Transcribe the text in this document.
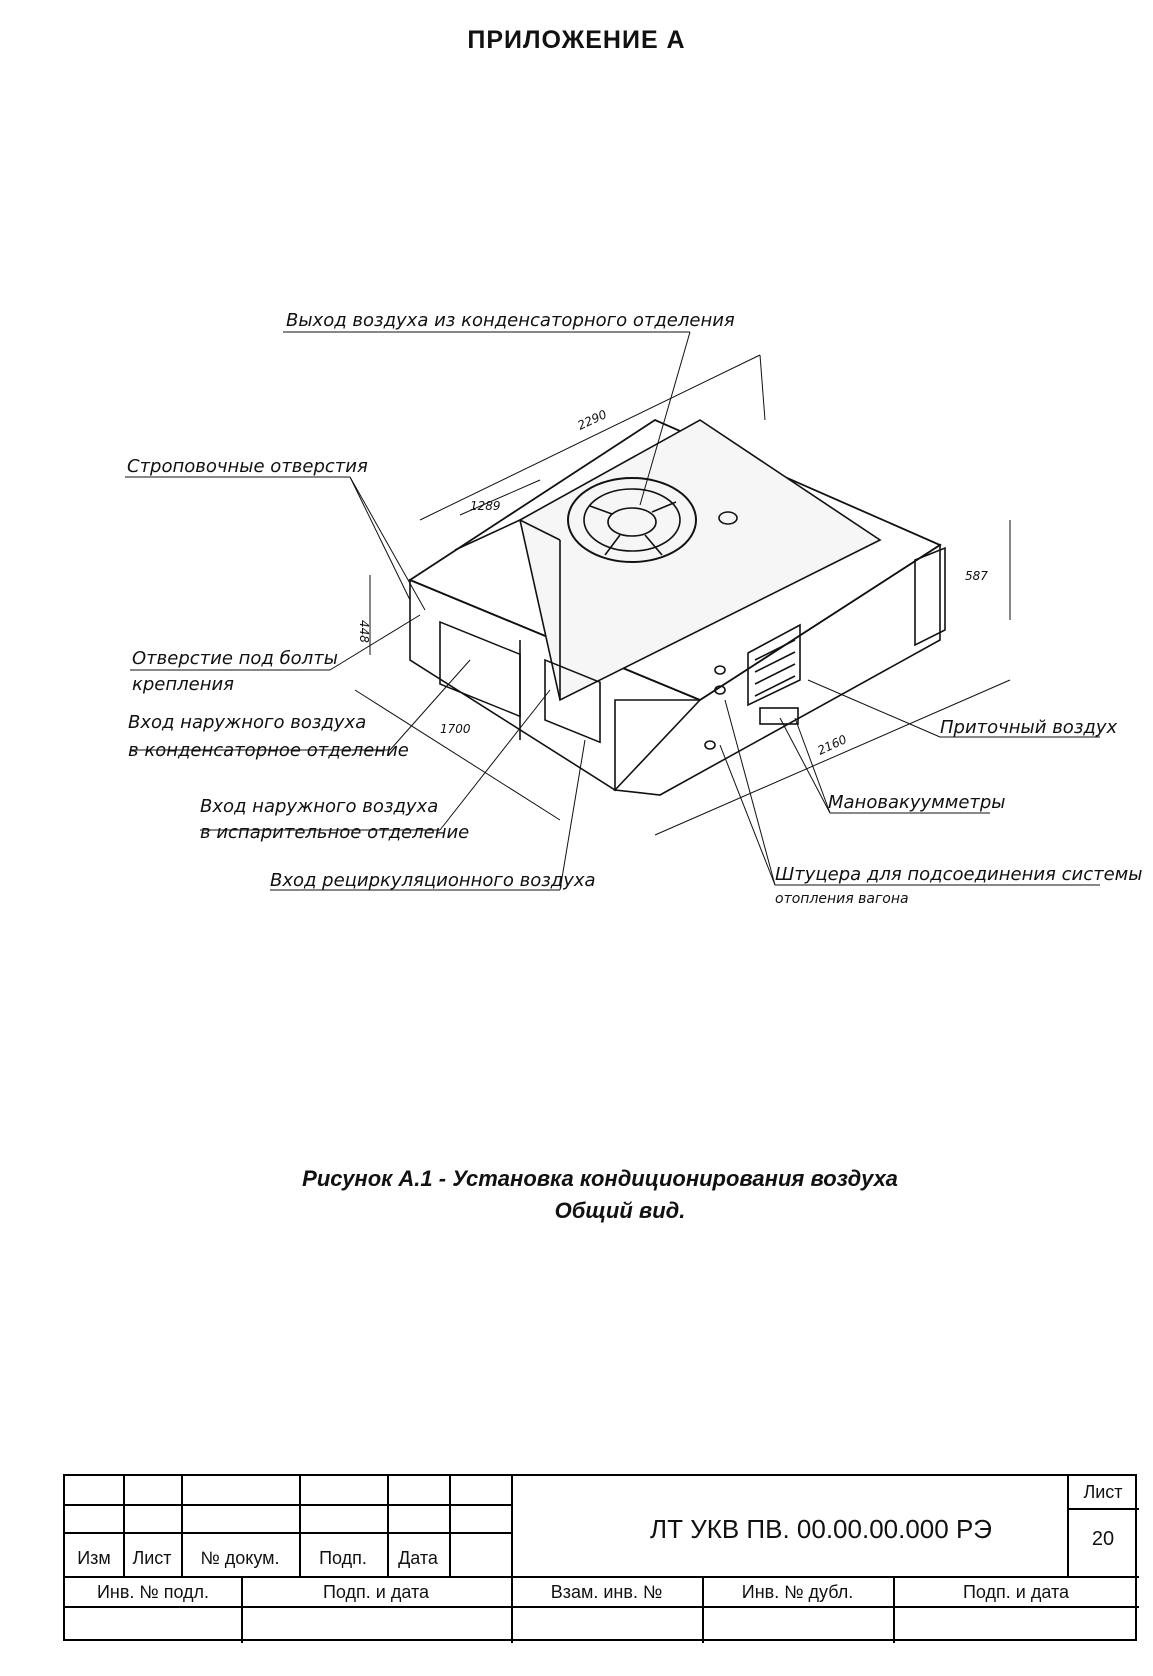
ПРИЛОЖЕНИЕ А
2290
1289
448
1700
2160
587
Выход воздуха из конденсаторного отделения
Строповочные отверстия
Отверстие под болты
крепления
Вход наружного воздуха
в конденсаторное отделение
Вход наружного воздуха
в испарительное отделение
Вход рециркуляционного воздуха
Приточный воздух
Мановакуумметры
Штуцера для подсоединения системы
отопления вагона
Рисунок А.1 - Установка кондиционирования воздуха
Общий вид.
Изм	Лист	№ докум.	Подп.	Дата
ЛТ УКВ ПВ. 00.00.00.000 РЭ
Лист
20
Инв. № подл.	Подп. и дата	Взам. инв. №	Инв. № дубл.	Подп. и дата
